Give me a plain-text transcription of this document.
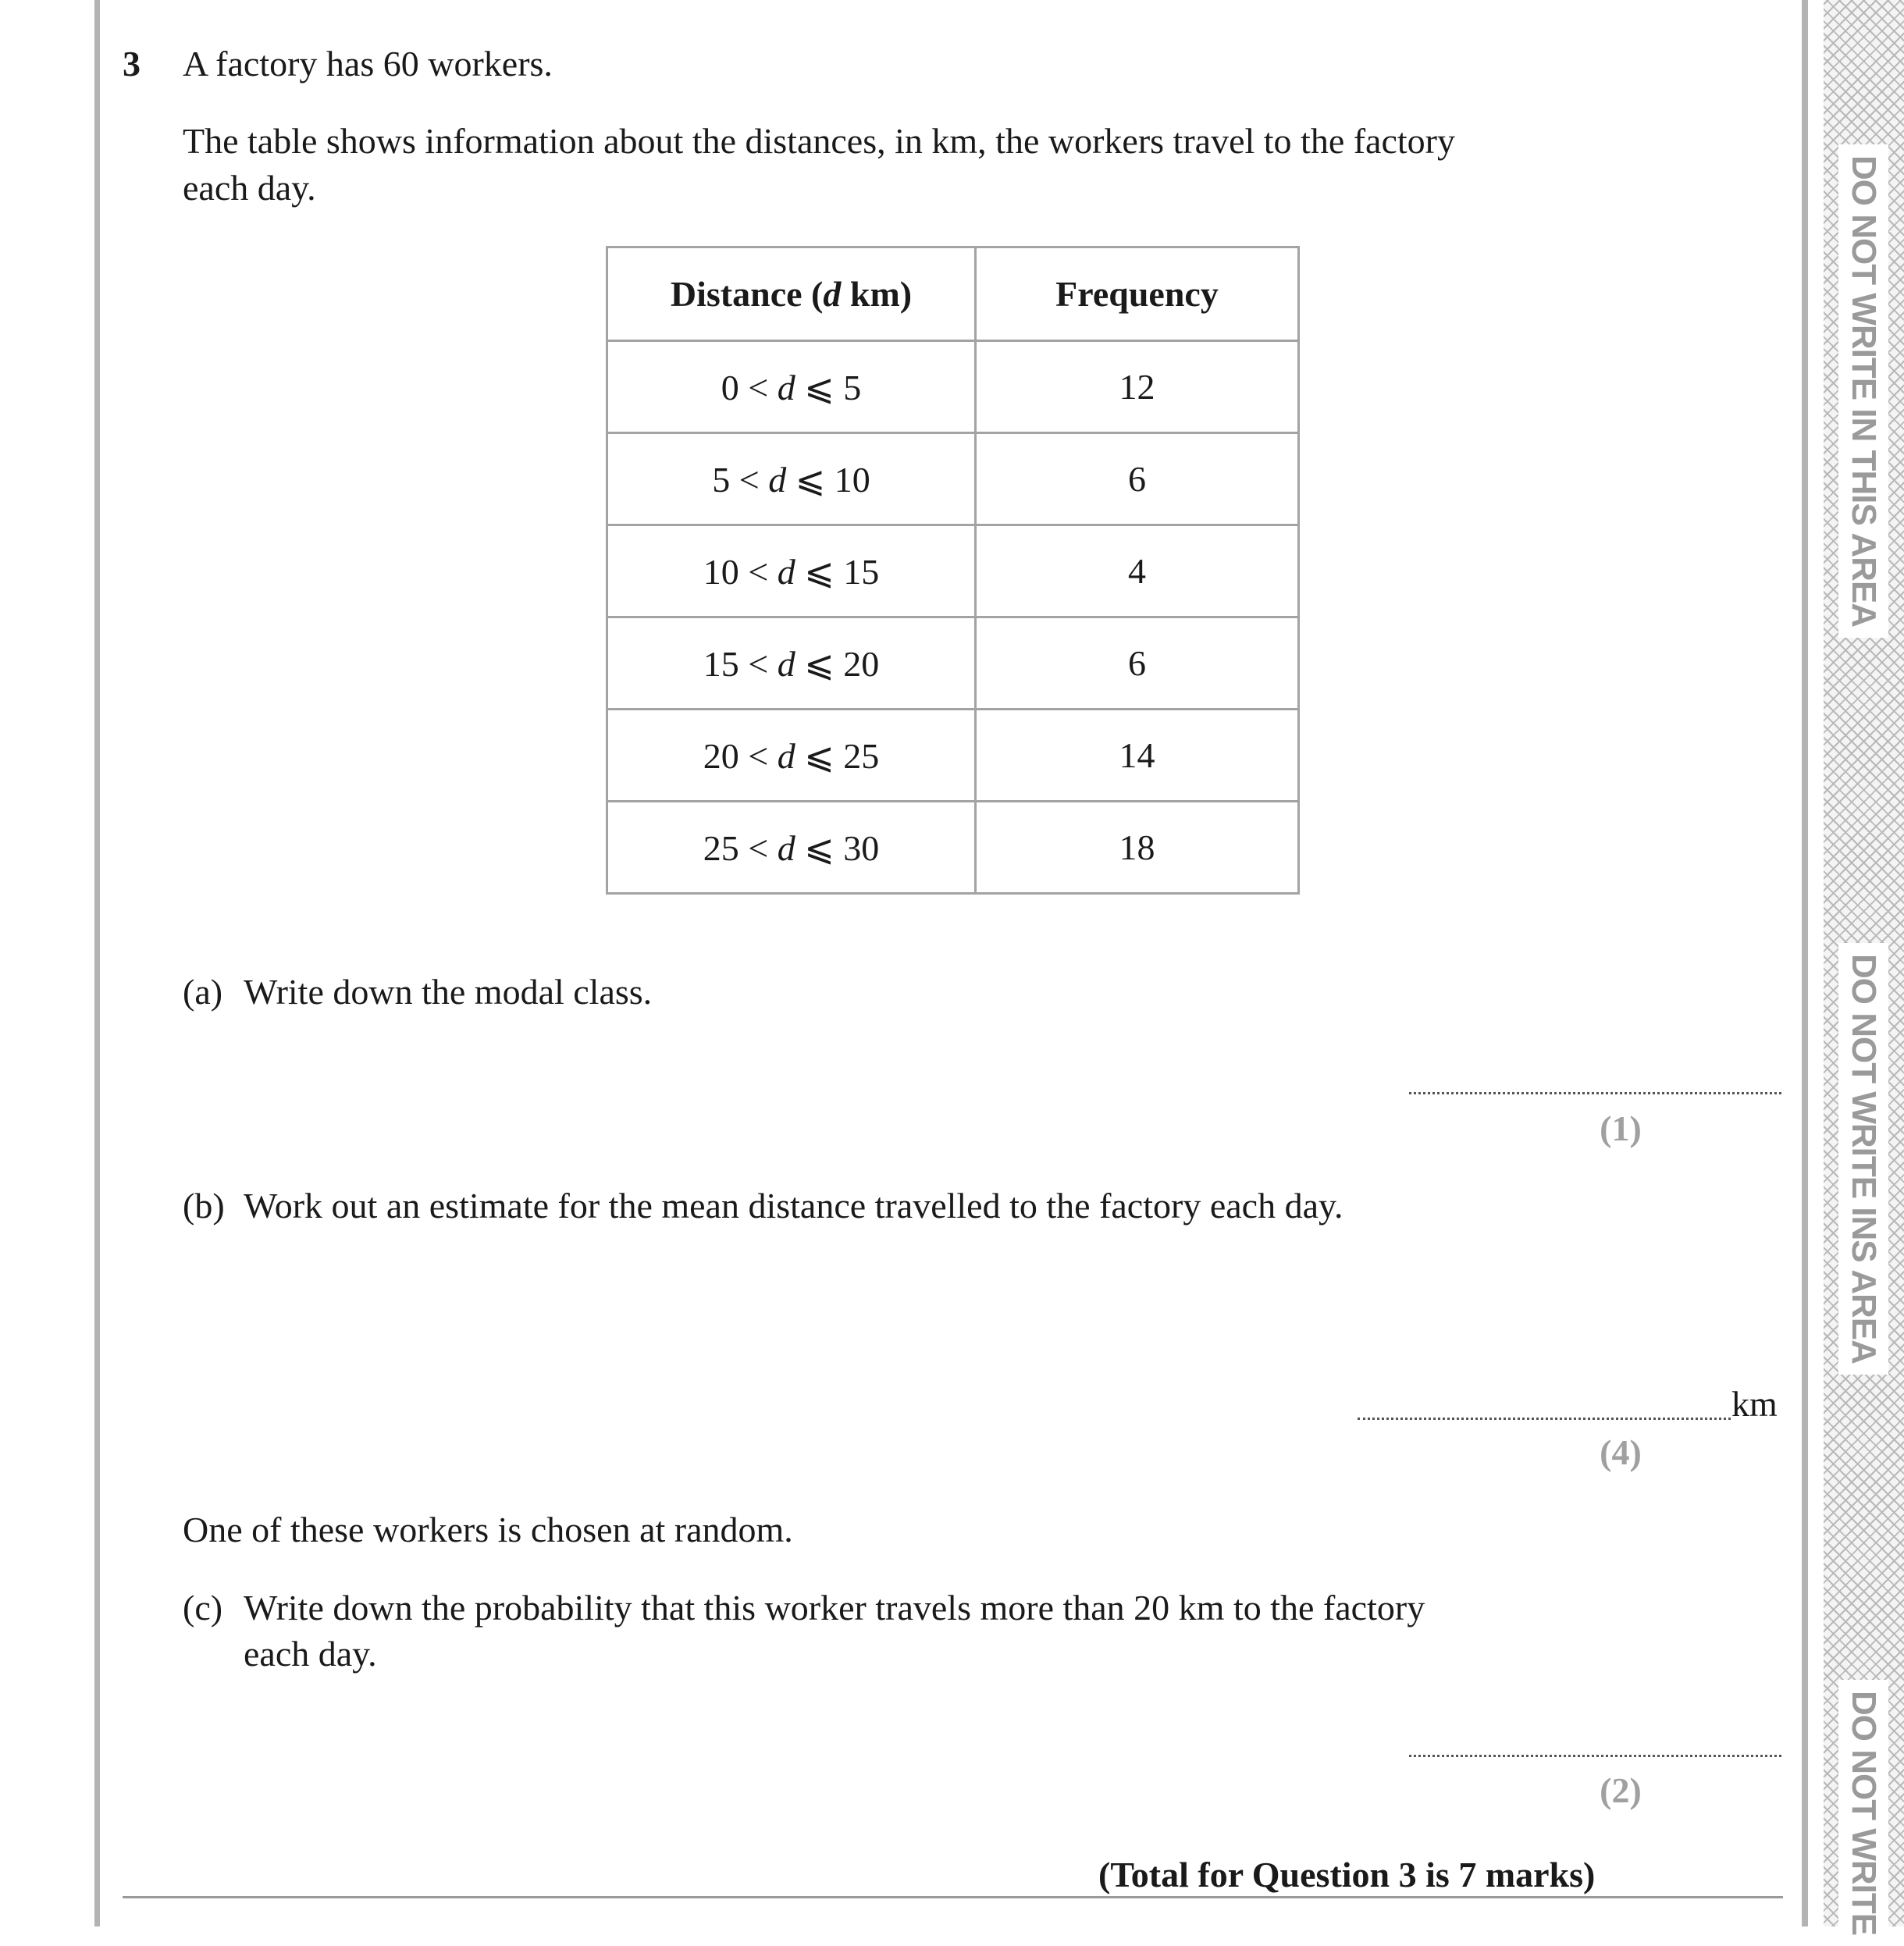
DO NOT WRITE IN THIS AREA
DO NOT WRITE INS AREA
DO NOT WRITE
3 A factory has 60 workers.
The table shows information about the distances, in km, the workers travel to the factory
each day.
Distance (d km)	Frequency
0 < d ⩽ 5	12
5 < d ⩽ 10	6
10 < d ⩽ 15	4
15 < d ⩽ 20	6
20 < d ⩽ 25	14
25 < d ⩽ 30	18
(a) Write down the modal class.
(1)
(b) Work out an estimate for the mean distance travelled to the factory each day.
km
(4)
One of these workers is chosen at random.
(c) Write down the probability that this worker travels more than 20 km to the factory
each day.
(2)
(Total for Question 3 is 7 marks)
